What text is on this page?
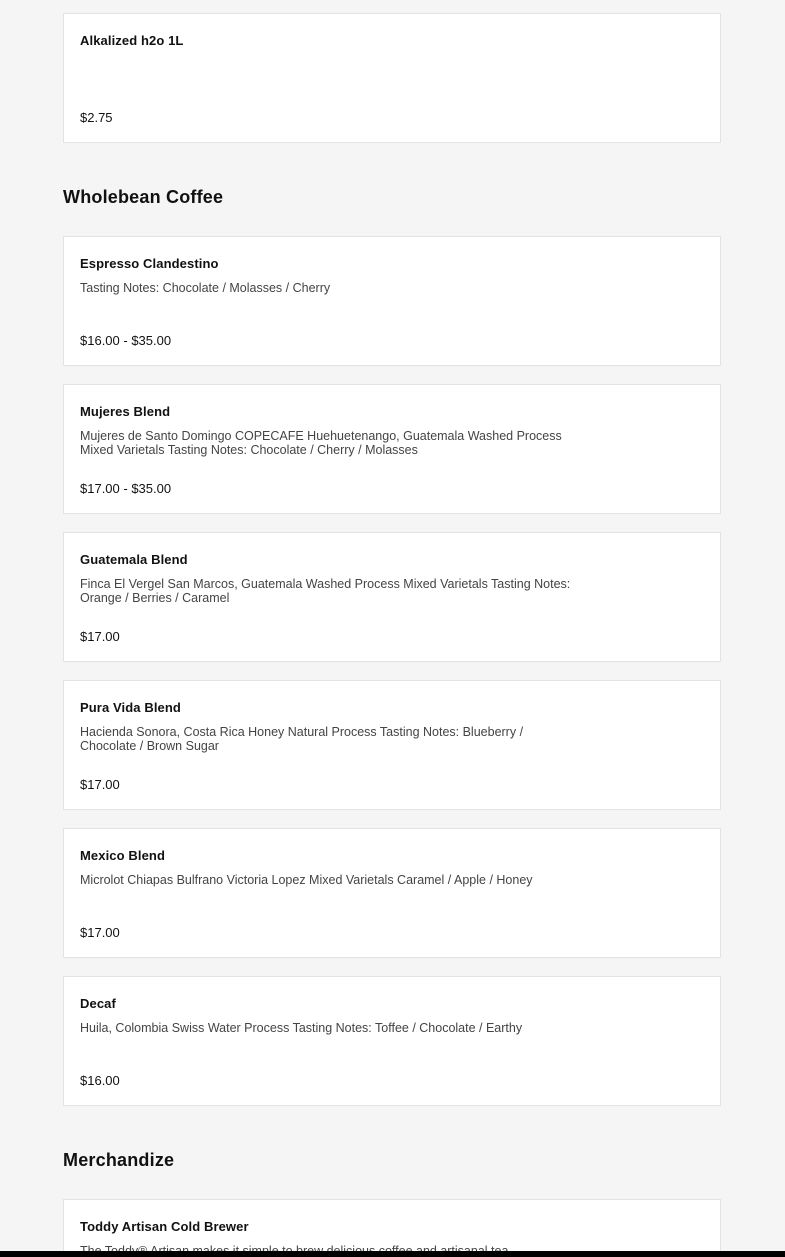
Alkalized h2o 1L
$2.75
Wholebean Coffee
Espresso Clandestino
Tasting Notes: Chocolate / Molasses / Cherry
$16.00 - $35.00
Mujeres Blend
Mujeres de Santo Domingo COPECAFE Huehuetenango, Guatemala Washed Process Mixed Varietals Tasting Notes: Chocolate / Cherry / Molasses
$17.00 - $35.00
Guatemala Blend
Finca El Vergel San Marcos, Guatemala Washed Process Mixed Varietals Tasting Notes: Orange / Berries / Caramel
$17.00
Pura Vida Blend
Hacienda Sonora, Costa Rica Honey Natural Process Tasting Notes: Blueberry / Chocolate / Brown Sugar
$17.00
Mexico Blend
Microlot Chiapas Bulfrano Victoria Lopez Mixed Varietals Caramel / Apple / Honey
$17.00
Decaf
Huila, Colombia Swiss Water Process Tasting Notes: Toffee / Chocolate / Earthy
$16.00
Merchandize
Toddy Artisan Cold Brewer
